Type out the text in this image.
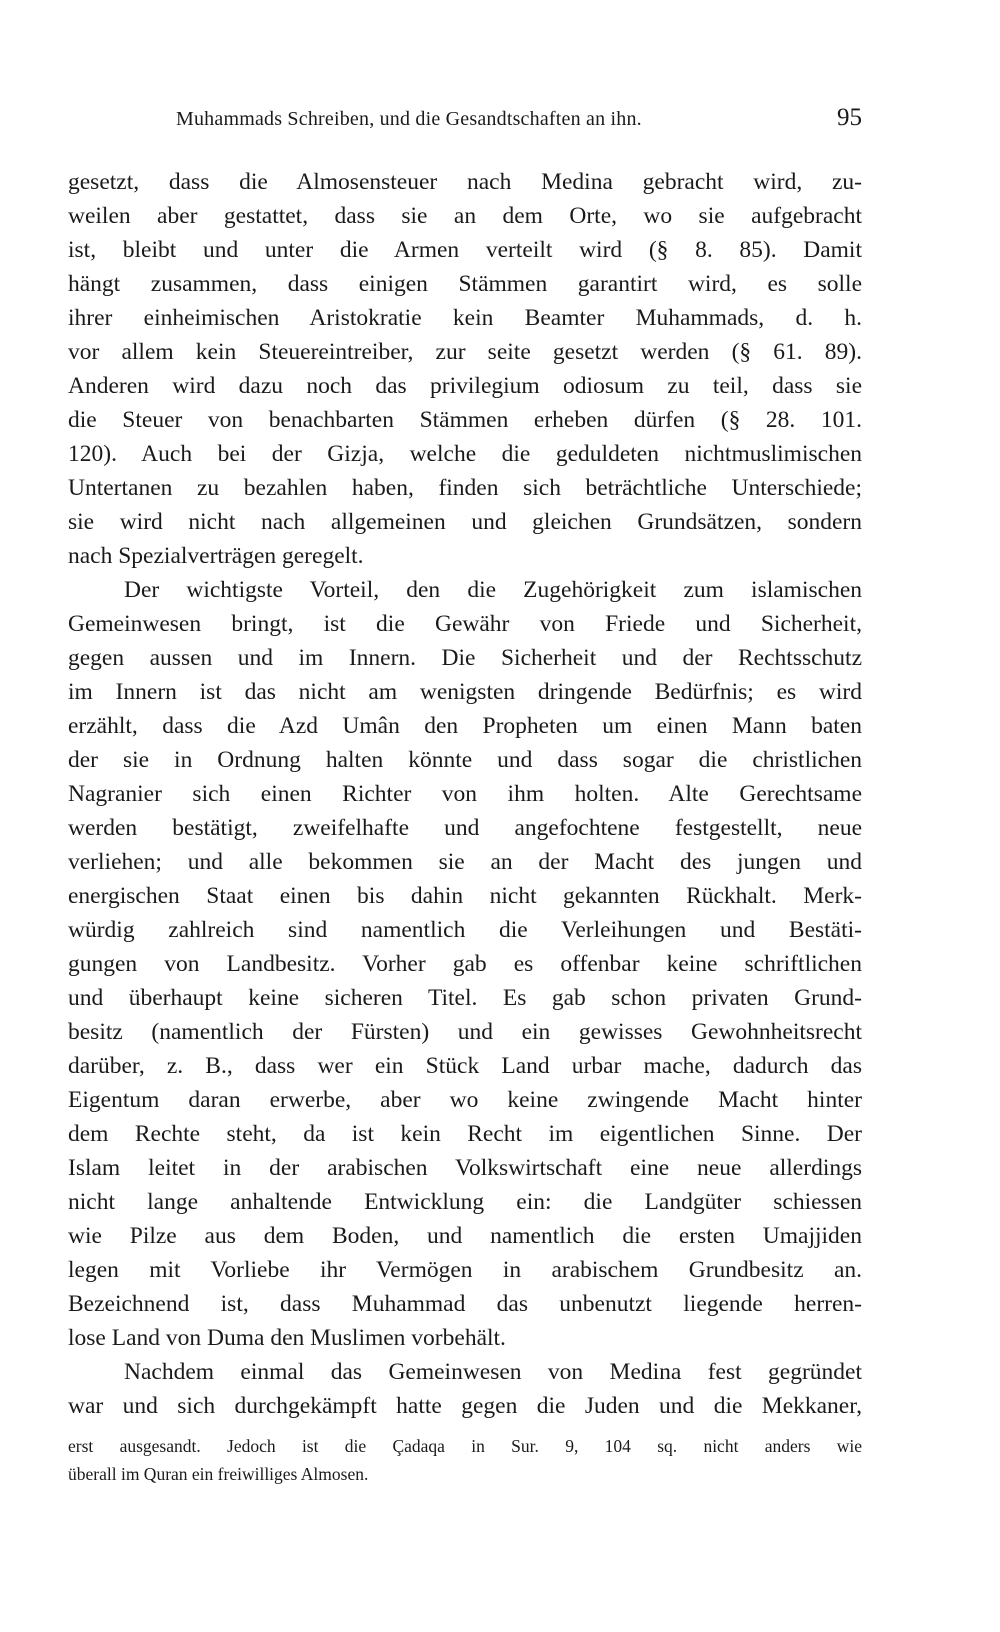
Muhammads Schreiben, und die Gesandtschaften an ihn.	95
gesetzt, dass die Almosensteuer nach Medina gebracht wird, zu-
weilen aber gestattet, dass sie an dem Orte, wo sie aufgebracht
ist, bleibt und unter die Armen verteilt wird (§ 8. 85). Damit
hängt zusammen, dass einigen Stämmen garantirt wird, es solle
ihrer einheimischen Aristokratie kein Beamter Muhammads, d. h.
vor allem kein Steuereintreiber, zur seite gesetzt werden (§ 61. 89).
Anderen wird dazu noch das privilegium odiosum zu teil, dass sie
die Steuer von benachbarten Stämmen erheben dürfen (§ 28. 101.
120). Auch bei der Gizja, welche die geduldeten nichtmuslimischen
Untertanen zu bezahlen haben, finden sich beträchtliche Unterschiede;
sie wird nicht nach allgemeinen und gleichen Grundsätzen, sondern
nach Spezialverträgen geregelt.
Der wichtigste Vorteil, den die Zugehörigkeit zum islamischen
Gemeinwesen bringt, ist die Gewähr von Friede und Sicherheit,
gegen aussen und im Innern. Die Sicherheit und der Rechtsschutz
im Innern ist das nicht am wenigsten dringende Bedürfnis; es wird
erzählt, dass die Azd Umân den Propheten um einen Mann baten
der sie in Ordnung halten könnte und dass sogar die christlichen
Nagranier sich einen Richter von ihm holten. Alte Gerechtsame
werden bestätigt, zweifelhafte und angefochtene festgestellt, neue
verliehen; und alle bekommen sie an der Macht des jungen und
energischen Staat einen bis dahin nicht gekannten Rückhalt. Merk-
würdig zahlreich sind namentlich die Verleihungen und Bestäti-
gungen von Landbesitz. Vorher gab es offenbar keine schriftlichen
und überhaupt keine sicheren Titel. Es gab schon privaten Grund-
besitz (namentlich der Fürsten) und ein gewisses Gewohnheitsrecht
darüber, z. B., dass wer ein Stück Land urbar mache, dadurch das
Eigentum daran erwerbe, aber wo keine zwingende Macht hinter
dem Rechte steht, da ist kein Recht im eigentlichen Sinne. Der
Islam leitet in der arabischen Volkswirtschaft eine neue allerdings
nicht lange anhaltende Entwicklung ein: die Landgüter schiessen
wie Pilze aus dem Boden, und namentlich die ersten Umajjiden
legen mit Vorliebe ihr Vermögen in arabischem Grundbesitz an.
Bezeichnend ist, dass Muhammad das unbenutzt liegende herren-
lose Land von Duma den Muslimen vorbehält.
Nachdem einmal das Gemeinwesen von Medina fest gegründet
war und sich durchgekämpft hatte gegen die Juden und die Mekkaner,
erst ausgesandt. Jedoch ist die Çadaqa in Sur. 9, 104 sq. nicht anders wie
überall im Quran ein freiwilliges Almosen.
